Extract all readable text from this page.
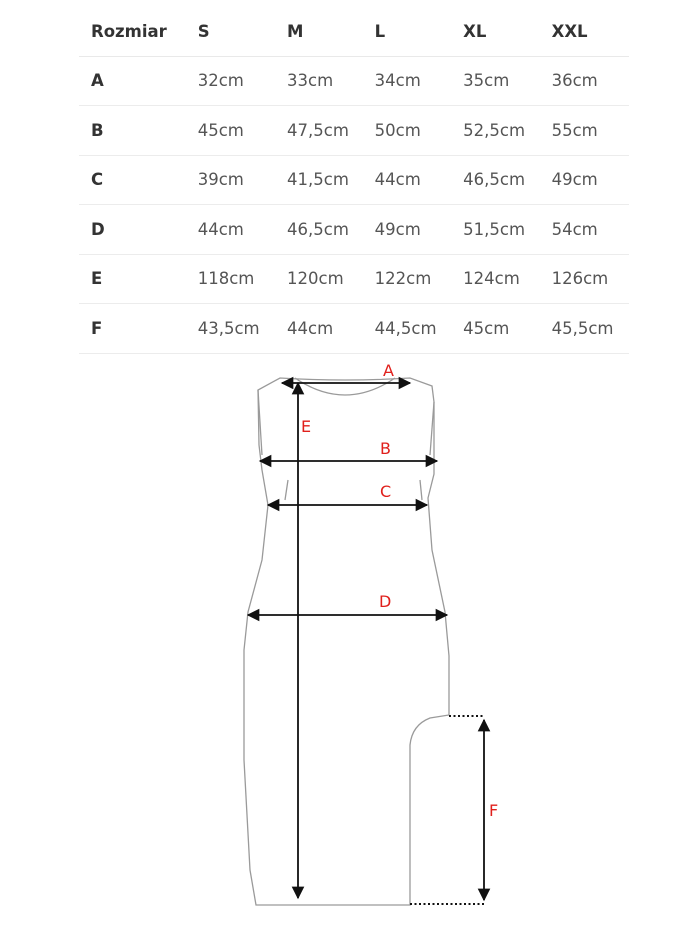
Rozmiar	S	M	L	XL	XXL
A	32cm	33cm	34cm	35cm	36cm
B	45cm	47,5cm	50cm	52,5cm	55cm
C	39cm	41,5cm	44cm	46,5cm	49cm
D	44cm	46,5cm	49cm	51,5cm	54cm
E	118cm	120cm	122cm	124cm	126cm
F	43,5cm	44cm	44,5cm	45cm	45,5cm
A
E
B
C
D
F
